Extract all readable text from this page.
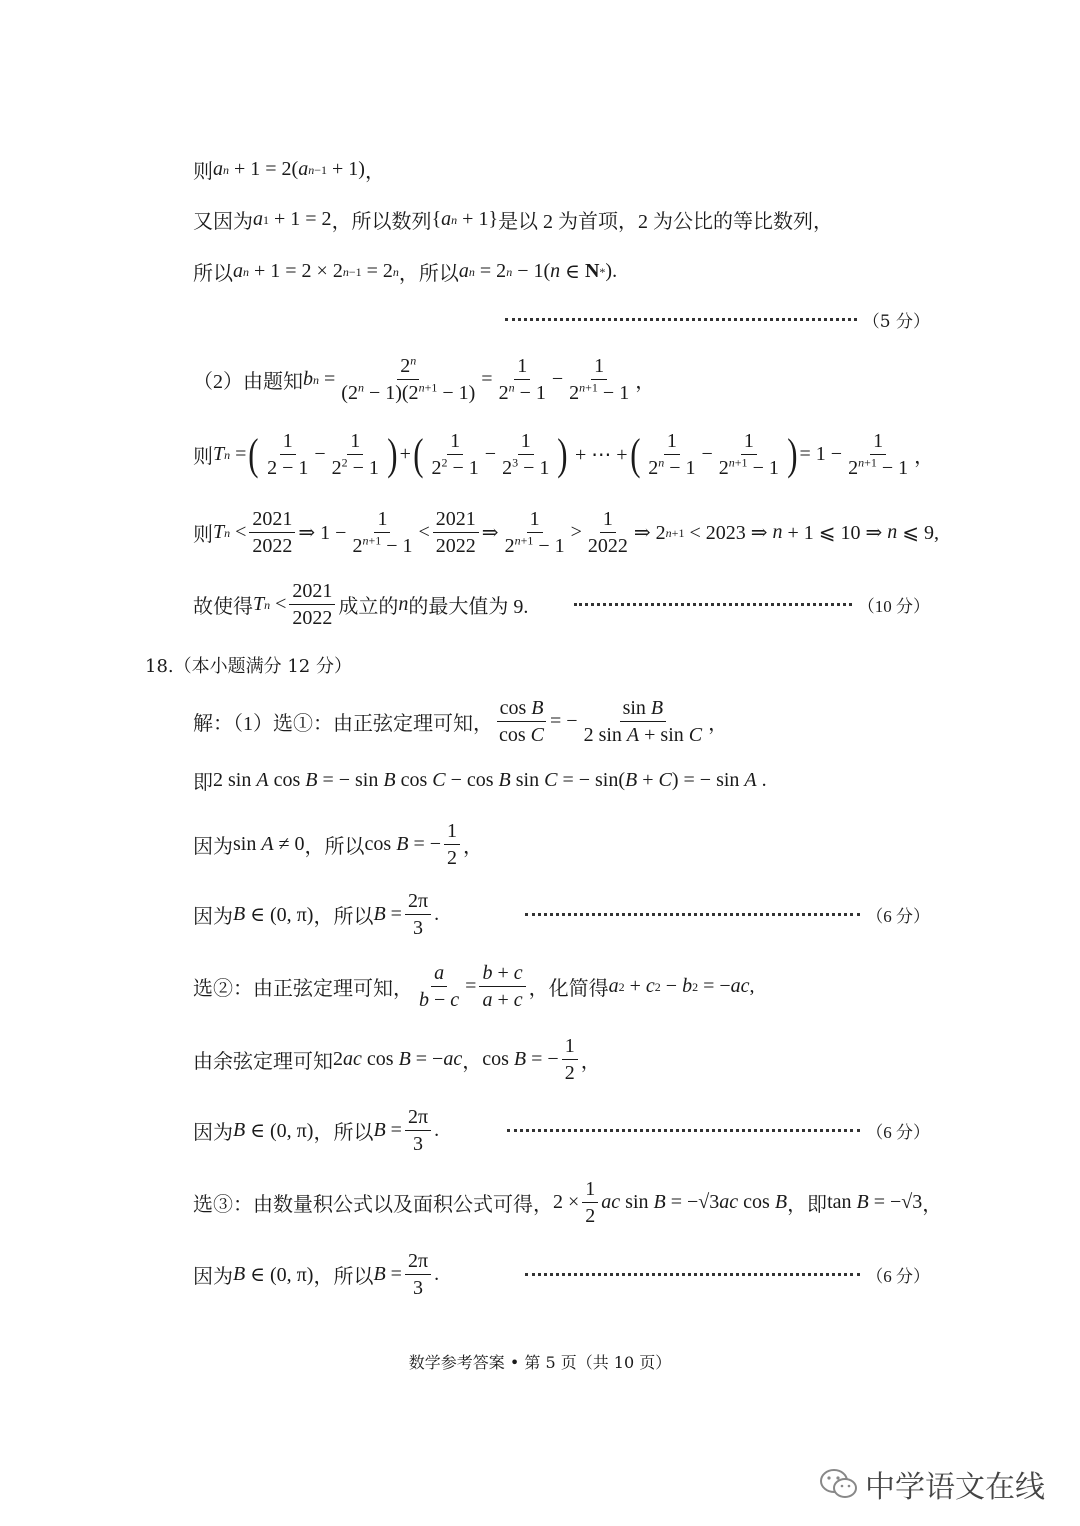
则 a n + 1 = 2( a n−1 + 1) ，
又因为 a 1 + 1 = 2 ，所以数列 { a n + 1} 是以 2 为首项，2 为公比的等比数列，
所以 a n + 1 = 2 × 2 n−1 = 2 n ，所以 a n = 2 n − 1( n ∈ N * ) .
（5 分）
（2）由题知 b $n = \frac{2^n}{(2^n - 1)(2^{n+1} - 1)} = \frac{1}{2^n - 1} - \frac{1}{2^{n+1} - 1}$ ，
则 T n = ( $\frac{1}{2 - 1} - \frac{1}{2^2 - 1}$ ) + ( $\frac{1}{2^2 - 1} - \frac{1}{2^3 - 1}$ ) + ⋯ + ( $\frac{1}{2^n - 1} - \frac{1}{2^{n+1} - 1}$ ) = $1 - \frac{1}{2^{n+1} - 1}$ ，
则 T $n < \frac{2021}{2022}$ ⇒ $1 - \frac{1}{2^{n+1} - 1} < \frac{2021}{2022}$ ⇒ $\frac{1}{2^{n+1} - 1} > \frac{1}{2022}$ ⇒ 2 n+1 < 2023 ⇒ n + 1 ⩽ 10 ⇒ n ⩽ 9,
故使得 T $n < \frac{2021}{2022}$ 成立的 n 的最大值为 9.	（10 分）
18.（本小题满分 12 分）
解：（1）选①：由正弦定理可知， $\frac{\text{cos B}}{\text{cos C}}$ = − $\frac{\text{sin B}}{\text{2 sin A + sin C}}$ ，
即 2 sin A cos B = − sin B cos C − cos B sin C = − sin( B + C ) = − sin A .
因为 sin A ≠ 0 ，所以 cos B = − $\frac{1}{2}$ ，
因为 B ∈ (0, π) ，所以 $B = \frac{2\pi}{3}$ .	（6 分）
选②：由正弦定理可知， $\frac{a}{b - c} = \frac{b + c}{a + c}$ ，化简得 a 2 + c 2 − b 2 = − ac ,
由余弦定理可知 2 ac cos B = − ac ， cos B = − $\frac{1}{2}$ ，
因为 B ∈ (0, π) ，所以 $B = \frac{2\pi}{3}$ .	（6 分）
选③：由数量积公式以及面积公式可得， $2 \times \frac{1}{2}$ ac sin B = −√3 ac cos B ，即 tan B = −√3 ，
因为 B ∈ (0, π) ，所以 $B = \frac{2\pi}{3}$ .	（6 分）
数学参考答案 • 第 5 页（共 10 页）
中学语文在线
